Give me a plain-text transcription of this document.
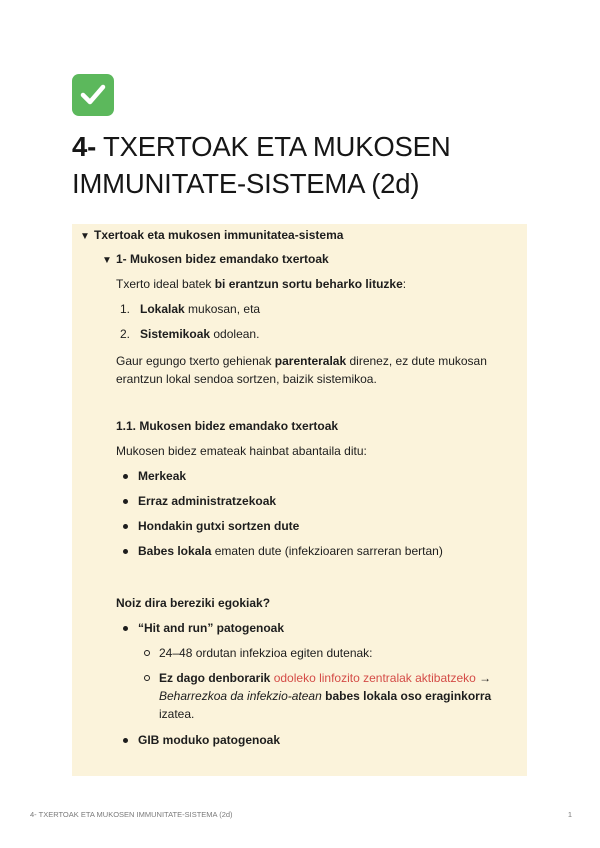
4- TXERTOAK ETA MUKOSEN IMMUNITATE-SISTEMA (2d)
▼ Txertoak eta mukosen immunitatea-sistema
▼ 1- Mukosen bidez emandako txertoak
Txerto ideal batek bi erantzun sortu beharko lituzke:
1. Lokalak mukosan, eta
2. Sistemikoak odolean.
Gaur egungo txerto gehienak parenteralak direnez, ez dute mukosan
erantzun lokal sendoa sortzen, baizik sistemikoa.
1.1. Mukosen bidez emandako txertoak
Mukosen bidez emateak hainbat abantaila ditu:
Merkeak
Erraz administratzekoak
Hondakin gutxi sortzen dute
Babes lokala ematen dute (infekzioaren sarreran bertan)
Noiz dira bereziki egokiak?
“Hit and run” patogenoak
24–48 ordutan infekzioa egiten dutenak:
Ez dago denborarik odoleko linfozito zentralak aktibatzeko →
Beharrezkoa da infekzio-atean babes lokala oso eraginkorra
izatea.
GIB moduko patogenoak
4- TXERTOAK ETA MUKOSEN IMMUNITATE-SISTEMA (2d)	1
